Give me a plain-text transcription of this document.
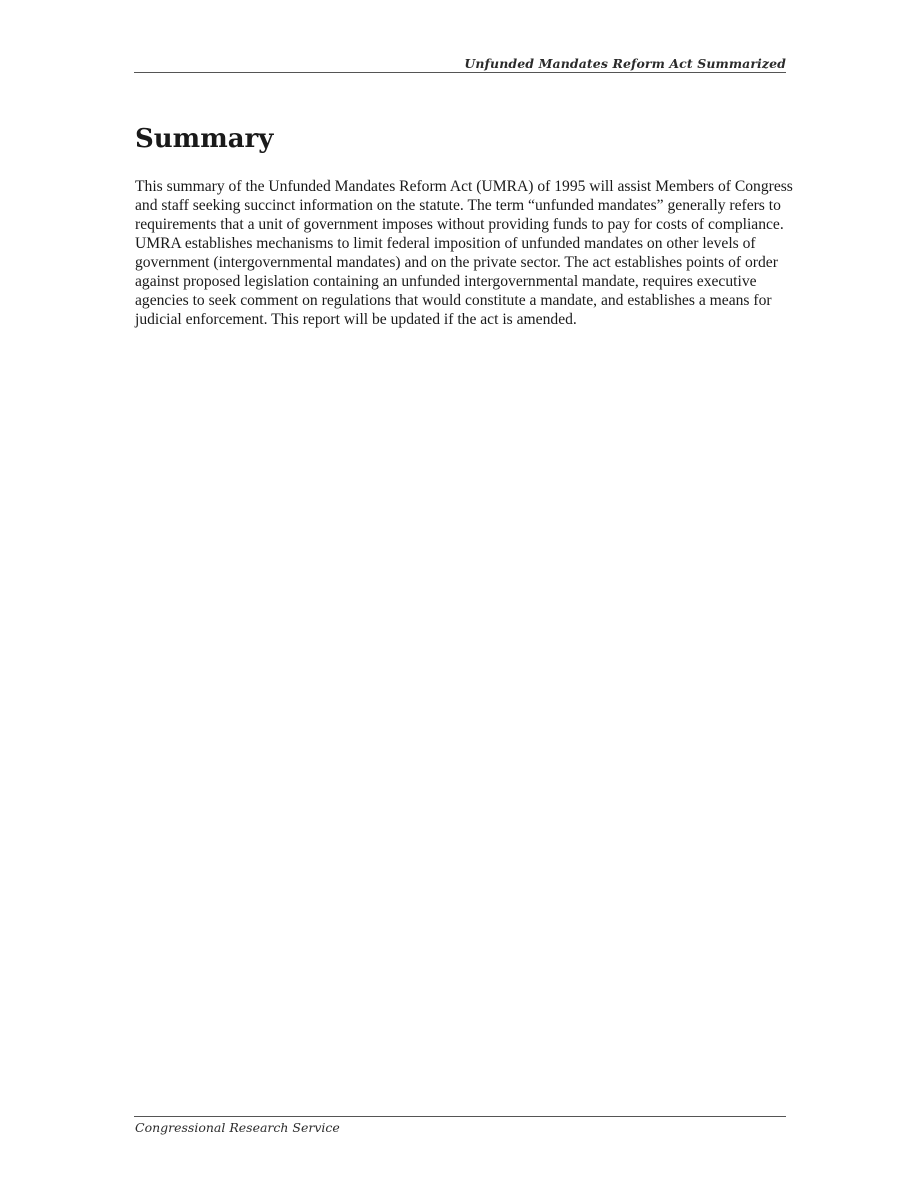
Unfunded Mandates Reform Act Summarized
Summary

This summary of the Unfunded Mandates Reform Act (UMRA) of 1995 will assist Members of Congress and staff seeking succinct information on the statute. The term “unfunded mandates” generally refers to requirements that a unit of government imposes without providing funds to pay for costs of compliance. UMRA establishes mechanisms to limit federal imposition of unfunded mandates on other levels of government (intergovernmental mandates) and on the private sector. The act establishes points of order against proposed legislation containing an unfunded intergovernmental mandate, requires executive agencies to seek comment on regulations that would constitute a mandate, and establishes a means for judicial enforcement. This report will be updated if the act is amended.

Congressional Research Service
